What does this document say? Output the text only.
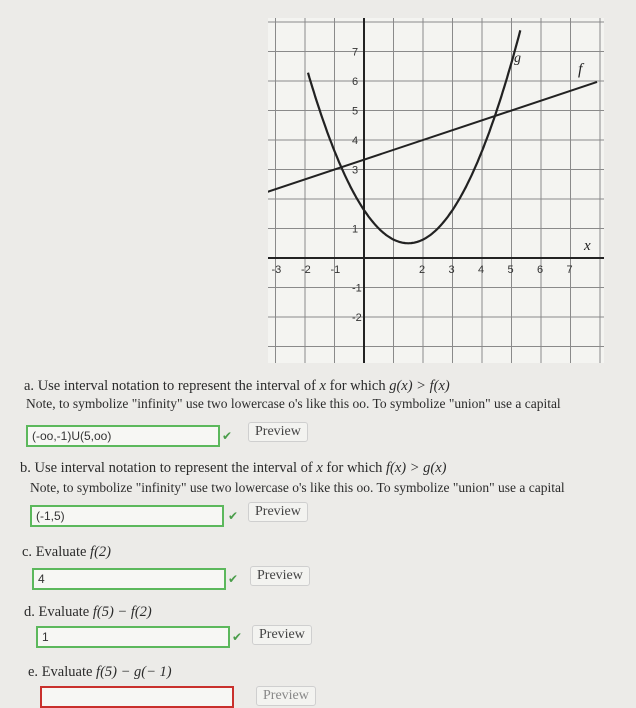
x
g
f
-3 -2 -1	2 3 4 5 6 7
7
6
5
4
3
1
-1
-2
a. Use interval notation to represent the interval of x for which g(x) > f(x)
Note, to symbolize "infinity" use two lowercase o's like this oo. To symbolize "union" use a capital
(-oo,-1)U(5,oo)	✔	Preview
b. Use interval notation to represent the interval of x for which f(x) > g(x)
Note, to symbolize "infinity" use two lowercase o's like this oo. To symbolize "union" use a capital
(-1,5)	✔	Preview
c. Evaluate f(2)
4	✔	Preview
d. Evaluate f(5) − f(2)
1	✔	Preview
e. Evaluate f(5) − g(− 1)
Preview
